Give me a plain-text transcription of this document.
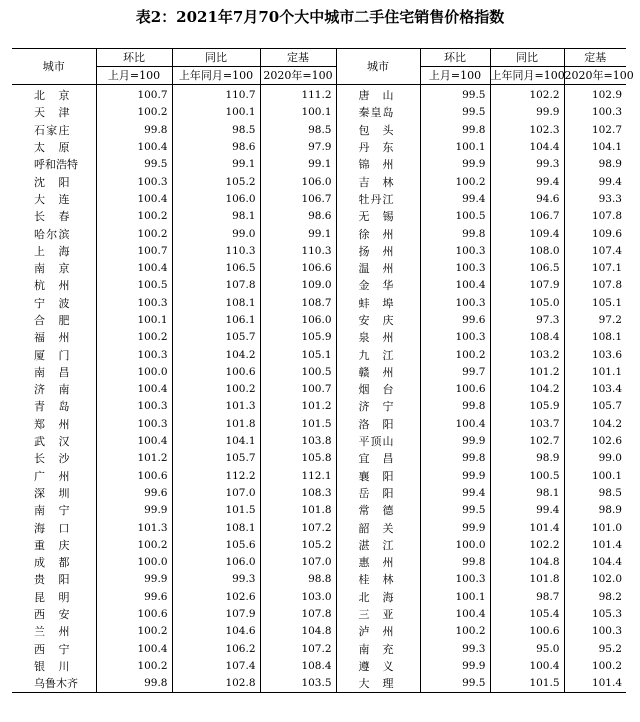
表2：2021年7月70个大中城市二手住宅销售价格指数
城市	环比	同比	定基	城市	环比	同比	定基
	上月=100	上年同月=100	2020年=100		上月=100	上年同月=100	2020年=100
北京	100.7	110.7	111.2	唐山	99.5	102.2	102.9
天津	100.2	100.1	100.1	秦皇岛	99.5	99.9	100.3
石家庄	99.8	98.5	98.5	包头	99.8	102.3	102.7
太原	100.4	98.6	97.9	丹东	100.1	104.4	104.1
呼和浩特	99.5	99.1	99.1	锦州	99.9	99.3	98.9
沈阳	100.3	105.2	106.0	吉林	100.2	99.4	99.4
大连	100.4	106.0	106.7	牡丹江	99.4	94.6	93.3
长春	100.2	98.1	98.6	无锡	100.5	106.7	107.8
哈尔滨	100.2	99.0	99.1	徐州	99.8	109.4	109.6
上海	100.7	110.3	110.3	扬州	100.3	108.0	107.4
南京	100.4	106.5	106.6	温州	100.3	106.5	107.1
杭州	100.5	107.8	109.0	金华	100.4	107.9	107.8
宁波	100.3	108.1	108.7	蚌埠	100.3	105.0	105.1
合肥	100.1	106.1	106.0	安庆	99.6	97.3	97.2
福州	100.2	105.7	105.9	泉州	100.3	108.4	108.1
厦门	100.3	104.2	105.1	九江	100.2	103.2	103.6
南昌	100.0	100.6	100.5	赣州	99.7	101.2	101.1
济南	100.4	100.2	100.7	烟台	100.6	104.2	103.4
青岛	100.3	101.3	101.2	济宁	99.8	105.9	105.7
郑州	100.3	101.8	101.5	洛阳	100.4	103.7	104.2
武汉	100.4	104.1	103.8	平顶山	99.9	102.7	102.6
长沙	101.2	105.7	105.8	宜昌	99.8	98.9	99.0
广州	100.6	112.2	112.1	襄阳	99.9	100.5	100.1
深圳	99.6	107.0	108.3	岳阳	99.4	98.1	98.5
南宁	99.9	101.5	101.8	常德	99.5	99.4	98.9
海口	101.3	108.1	107.2	韶关	99.9	101.4	101.0
重庆	100.2	105.6	105.2	湛江	100.0	102.2	101.4
成都	100.0	106.0	107.0	惠州	99.8	104.8	104.4
贵阳	99.9	99.3	98.8	桂林	100.3	101.8	102.0
昆明	99.6	102.6	103.0	北海	100.1	98.7	98.2
西安	100.6	107.9	107.8	三亚	100.4	105.4	105.3
兰州	100.2	104.6	104.8	泸州	100.2	100.6	100.3
西宁	100.4	106.2	107.2	南充	99.3	95.0	95.2
银川	100.2	107.4	108.4	遵义	99.9	100.4	100.2
乌鲁木齐	99.8	102.8	103.5	大理	99.5	101.5	101.4
